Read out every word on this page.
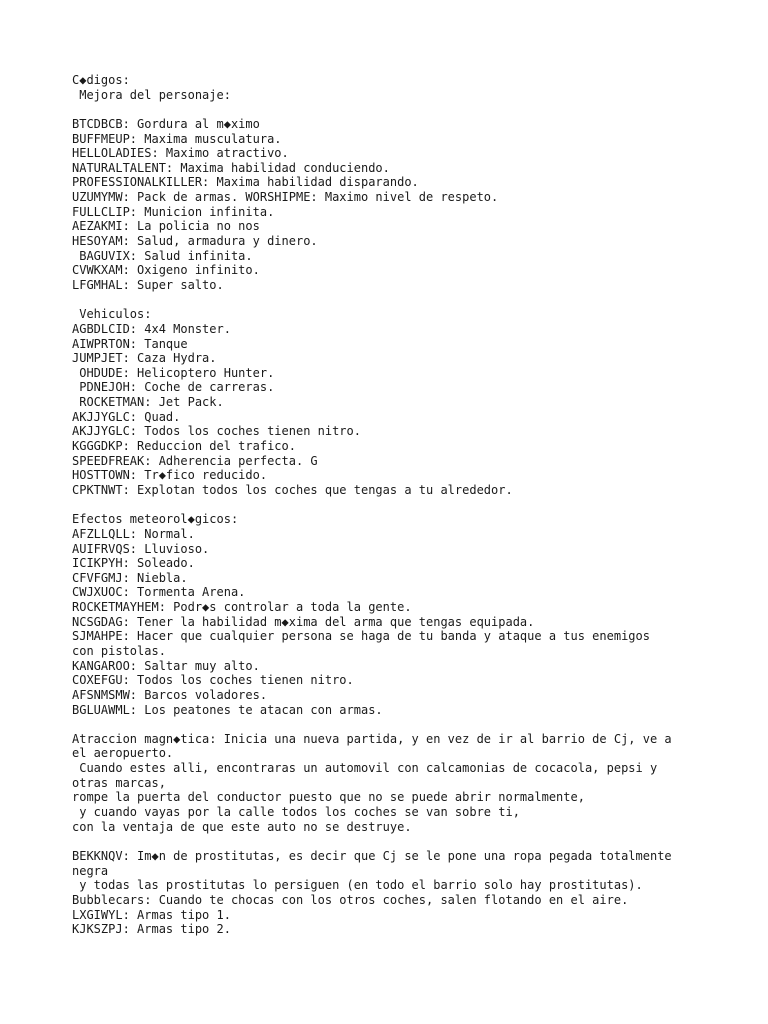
C◆digos:
Mejora del personaje:
BTCDBCB: Gordura al m◆ximo
BUFFMEUP: Maxima musculatura.
HELLOLADIES: Maximo atractivo.
NATURALTALENT: Maxima habilidad conduciendo.
PROFESSIONALKILLER: Maxima habilidad disparando.
UZUMYMW: Pack de armas. WORSHIPME: Maximo nivel de respeto.
FULLCLIP: Municion infinita.
AEZAKMI: La policia no nos
HESOYAM: Salud, armadura y dinero.
BAGUVIX: Salud infinita.
CVWKXAM: Oxigeno infinito.
LFGMHAL: Super salto.
Vehiculos:
AGBDLCID: 4x4 Monster.
AIWPRTON: Tanque
JUMPJET: Caza Hydra.
OHDUDE: Helicoptero Hunter.
PDNEJOH: Coche de carreras.
ROCKETMAN: Jet Pack.
AKJJYGLC: Quad.
AKJJYGLC: Todos los coches tienen nitro.
KGGGDKP: Reduccion del trafico.
SPEEDFREAK: Adherencia perfecta. G
HOSTTOWN: Tr◆fico reducido.
CPKTNWT: Explotan todos los coches que tengas a tu alrededor.
Efectos meteorol◆gicos:
AFZLLQLL: Normal.
AUIFRVQS: Lluvioso.
ICIKPYH: Soleado.
CFVFGMJ: Niebla.
CWJXUOC: Tormenta Arena.
ROCKETMAYHEM: Podr◆s controlar a toda la gente.
NCSGDAG: Tener la habilidad m◆xima del arma que tengas equipada.
SJMAHPE: Hacer que cualquier persona se haga de tu banda y ataque a tus enemigos
con pistolas.
KANGAROO: Saltar muy alto.
COXEFGU: Todos los coches tienen nitro.
AFSNMSMW: Barcos voladores.
BGLUAWML: Los peatones te atacan con armas.
Atraccion magn◆tica: Inicia una nueva partida, y en vez de ir al barrio de Cj, ve a
el aeropuerto.
Cuando estes alli, encontraras un automovil con calcamonias de cocacola, pepsi y
otras marcas,
rompe la puerta del conductor puesto que no se puede abrir normalmente,
y cuando vayas por la calle todos los coches se van sobre ti,
con la ventaja de que este auto no se destruye.
BEKKNQV: Im◆n de prostitutas, es decir que Cj se le pone una ropa pegada totalmente
negra
y todas las prostitutas lo persiguen (en todo el barrio solo hay prostitutas).
Bubblecars: Cuando te chocas con los otros coches, salen flotando en el aire.
LXGIWYL: Armas tipo 1.
KJKSZPJ: Armas tipo 2.
